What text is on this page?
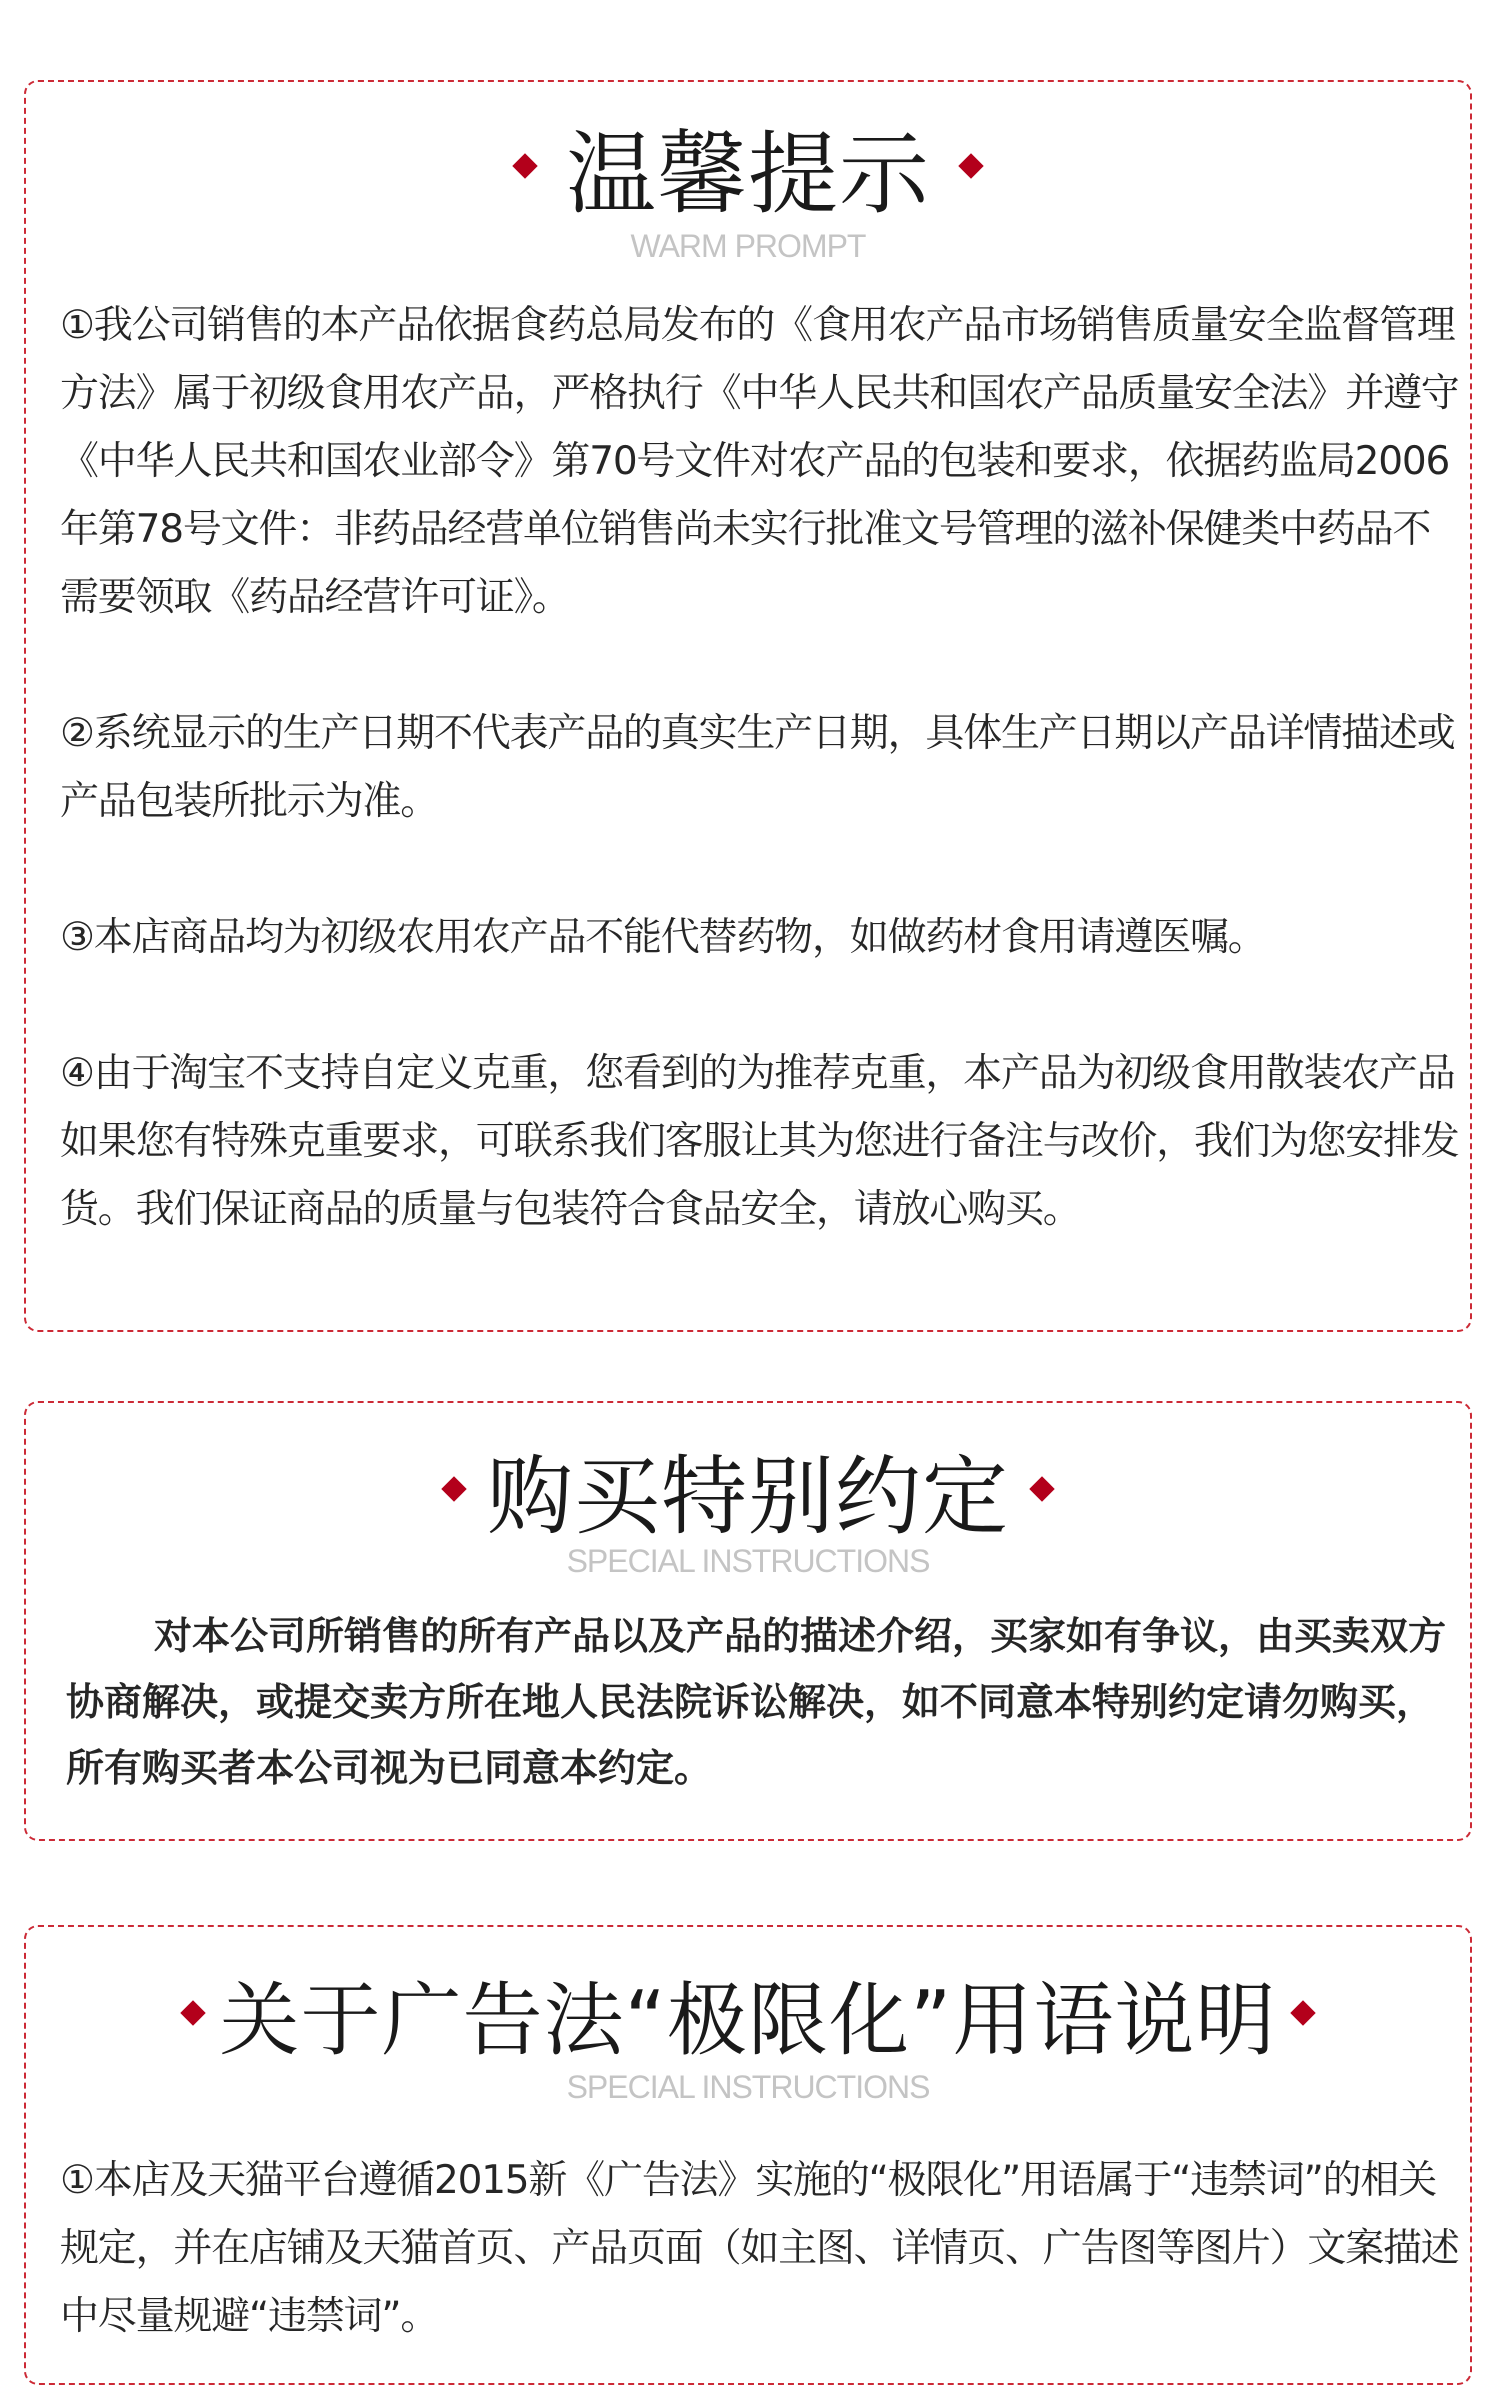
温馨提示
WARM PROMPT

①我公司销售的本产品依据食药总局发布的《食用农产品市场销售质量安全监督管理方法》属于初级食用农产品，严格执行《中华人民共和国农产品质量安全法》并遵守《中华人民共和国农业部令》第70号文件对农产品的包装和要求，依据药监局2006年第78号文件：非药品经营单位销售尚未实行批准文号管理的滋补保健类中药品不需要领取《药品经营许可证》。

②系统显示的生产日期不代表产品的真实生产日期，具体生产日期以产品详情描述或产品包装所批示为准。

③本店商品均为初级农用农产品不能代替药物，如做药材食用请遵医嘱。

④由于淘宝不支持自定义克重，您看到的为推荐克重，本产品为初级食用散装农产品如果您有特殊克重要求，可联系我们客服让其为您进行备注与改价，我们为您安排发货。我们保证商品的质量与包装符合食品安全，请放心购买。

购买特别约定
SPECIAL INSTRUCTIONS

对本公司所销售的所有产品以及产品的描述介绍，买家如有争议，由买卖双方协商解决，或提交卖方所在地人民法院诉讼解决，如不同意本特别约定请勿购买，所有购买者本公司视为已同意本约定。

关于广告法“极限化”用语说明
SPECIAL INSTRUCTIONS

①本店及天猫平台遵循2015新《广告法》实施的“极限化”用语属于“违禁词”的相关规定，并在店铺及天猫首页、产品页面（如主图、详情页、广告图等图片）文案描述中尽量规避“违禁词”。
